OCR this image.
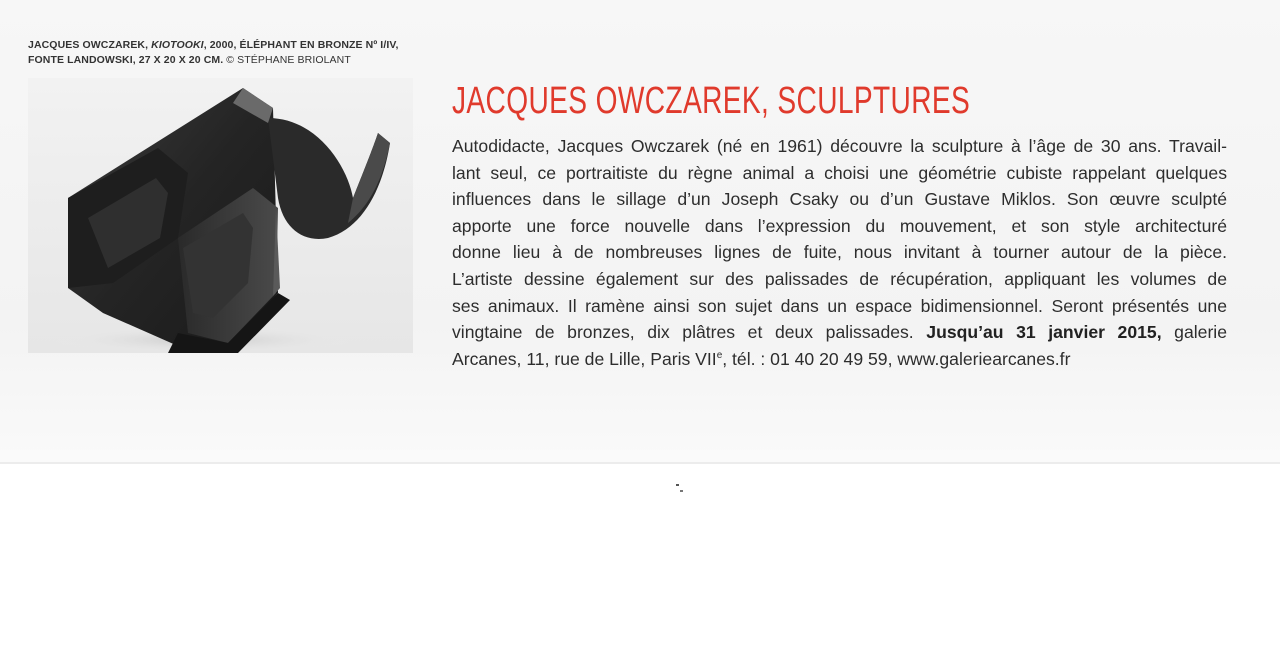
JACQUES OWCZAREK, KIOTOOKI, 2000, ÉLÉPHANT EN BRONZE Nº I/IV,
FONTE LANDOWSKI, 27 X 20 X 20 CM. © STÉPHANE BRIOLANT
JACQUES OWCZAREK, SCULPTURES
Autodidacte, Jacques Owczarek (né en 1961) découvre la sculpture à l’âge de 30 ans. Travail-
lant seul, ce portraitiste du règne animal a choisi une géométrie cubiste rappelant quelques
influences dans le sillage d’un Joseph Csaky ou d’un Gustave Miklos. Son œuvre sculpté
apporte une force nouvelle dans l’expression du mouvement, et son style architecturé
donne lieu à de nombreuses lignes de fuite, nous invitant à tourner autour de la pièce.
L’artiste dessine également sur des palissades de récupération, appliquant les volumes de
ses animaux. Il ramène ainsi son sujet dans un espace bidimensionnel. Seront présentés une
vingtaine de bronzes, dix plâtres et deux palissades. Jusqu’au 31 janvier 2015, galerie
Arcanes, 11, rue de Lille, Paris VIIe, tél. : 01 40 20 49 59, www.galeriearcanes.fr
